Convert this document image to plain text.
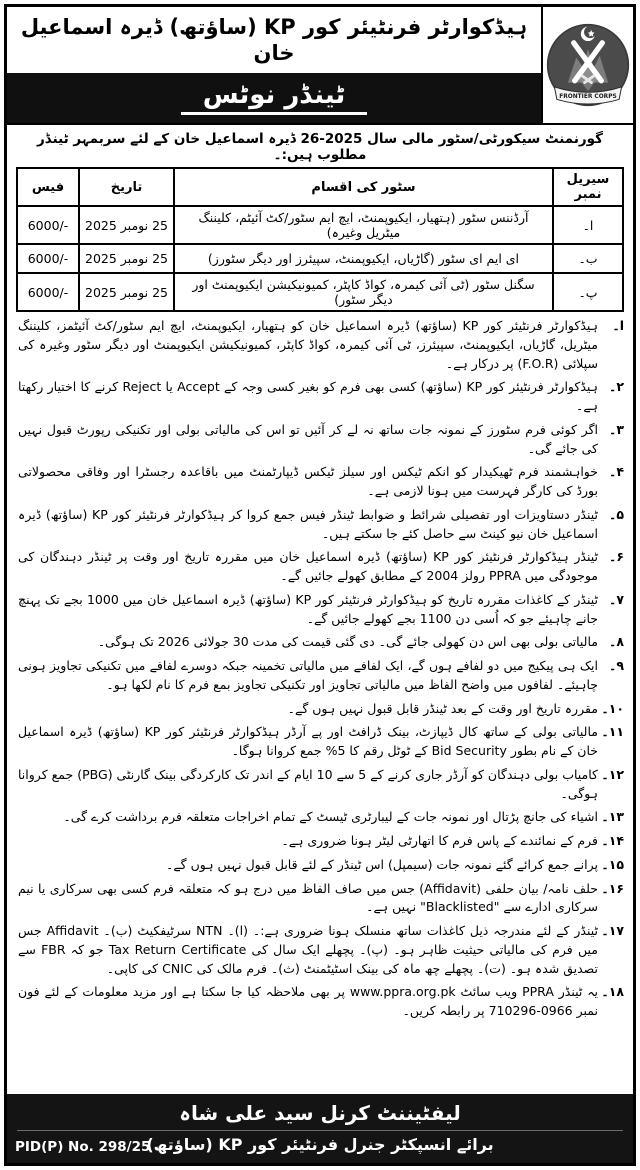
ہیڈکوارٹر فرنٹیئر کور KP (ساؤتھ) ڈیرہ اسماعیل خان
ٹینڈر نوٹس	FRONTIER CORPS
گورنمنٹ سیکورٹی/سٹور مالی سال 2025-26 ڈیرہ اسماعیل خان کے لئے سربمہر ٹینڈر مطلوب ہیں:۔
سیریل نمبر	سٹور کی اقسام	تاریخ	فیس
ا۔	آرڈننس سٹور (ہتھیار، ایکیوپمنٹ، ایچ ایم سٹور/کٹ آئیٹم، کلیننگ میٹریل وغیرہ)	25 نومبر 2025	6000/-
ب۔	ای ایم ای سٹور (گاڑیاں، ایکیوپمنٹ، سپیئرز اور دیگر سٹورز)	25 نومبر 2025	6000/-
پ۔	سگنل سٹور (ٹی آئی کیمرہ، کواڈ کاپٹر، کمیونیکیشن ایکیوپمنٹ اور دیگر سٹور)	25 نومبر 2025	6000/-
ا۔
ہیڈکوارٹر فرنٹیئر کور KP (ساؤتھ) ڈیرہ اسماعیل خان کو ہتھیار، ایکیوپمنٹ، ایچ ایم سٹور/کٹ آئیٹمز، کلیننگ میٹریل، گاڑیاں، ایکیوپمنٹ، سپیئرز، ٹی آئی کیمرہ، کواڈ کاپٹر، کمیونیکیشن ایکیوپمنٹ اور دیگر سٹور وغیرہ کی سپلائی (F.O.R) پر درکار ہے۔
۲۔
ہیڈکوارٹر فرنٹیئر کور KP (ساؤتھ) کسی بھی فرم کو بغیر کسی وجہ کے Accept یا Reject کرنے کا اختیار رکھتا ہے۔
۳۔
اگر کوئی فرم سٹورز کے نمونہ جات ساتھ نہ لے کر آئیں تو اس کی مالیاتی بولی اور تکنیکی رپورٹ قبول نہیں کی جائے گی۔
۴۔
خواہشمند فرم ٹھیکیدار کو انکم ٹیکس اور سیلز ٹیکس ڈیپارٹمنٹ میں باقاعدہ رجسٹرا اور وفاقی محصولاتی بورڈ کی کارگر فہرست میں ہونا لازمی ہے۔
۵۔
ٹینڈر دستاویزات اور تفصیلی شرائط و ضوابط ٹینڈر فیس جمع کروا کر ہیڈکوارٹر فرنٹیئر کور KP (ساؤتھ) ڈیرہ اسماعیل خان نیو کینٹ سے حاصل کئے جا سکتے ہیں۔
۶۔
ٹینڈر ہیڈکوارٹر فرنٹیئر کور KP (ساؤتھ) ڈیرہ اسماعیل خان میں مقررہ تاریخ اور وقت پر ٹینڈر دہندگان کی موجودگی میں PPRA رولز 2004 کے مطابق کھولے جائیں گے۔
۷۔
ٹینڈر کے کاغذات مقررہ تاریخ کو ہیڈکوارٹر فرنٹیئر کور KP (ساؤتھ) ڈیرہ اسماعیل خان میں 1000 بجے تک پہنچ جانے چاہیئے جو کہ اُسی دن 1100 بجے کھولے جائیں گے۔
۸۔
مالیاتی بولی بھی اس دن کھولی جائے گی۔ دی گئی قیمت کی مدت 30 جولائی 2026 تک ہوگی۔
۹۔
ایک ہی پیکیج میں دو لفافے ہوں گے، ایک لفافے میں مالیاتی تخمینہ جبکہ دوسرے لفافے میں تکنیکی تجاویز ہونی چاہیئے۔ لفافوں میں واضح الفاظ میں مالیاتی تجاویز اور تکنیکی تجاویز بمع فرم کا نام لکھا ہو۔
۱۰۔
مقررہ تاریخ اور وقت کے بعد ٹینڈر قابل قبول نہیں ہوں گے۔
۱۱۔
مالیاتی بولی کے ساتھ کال ڈیپازٹ، بینک ڈرافٹ اور پے آرڈر ہیڈکوارٹر فرنٹیئر کور KP (ساؤتھ) ڈیرہ اسماعیل خان کے نام بطور Bid Security کے ٹوٹل رقم کا 5% جمع کروانا ہوگا۔
۱۲۔
کامیاب بولی دہندگان کو آرڈر جاری کرنے کے 5 سے 10 ایام کے اندر تک کارکردگی بینک گارنٹی (PBG) جمع کروانا ہوگی۔
۱۳۔
اشیاء کی جانچ پڑتال اور نمونہ جات کے لیبارٹری ٹیسٹ کے تمام اخراجات متعلقہ فرم برداشت کرے گی۔
۱۴۔
فرم کے نمائندے کے پاس فرم کا اتھارٹی لیٹر ہونا ضروری ہے۔
۱۵۔
پرانے جمع کرائے گئے نمونہ جات (سیمپل) اس ٹینڈر کے لئے قابل قبول نہیں ہوں گے۔
۱۶۔
حلف نامہ/ بیان حلفی (Affidavit) جس میں صاف الفاظ میں درج ہو کہ متعلقہ فرم کسی بھی سرکاری یا نیم سرکاری ادارے سے "Blacklisted" نہیں ہے۔
۱۷۔
ٹینڈر کے لئے مندرجہ ذیل کاغذات ساتھ منسلک ہونا ضروری ہے:۔ (ا)۔ NTN سرٹیفکیٹ (ب)۔ Affidavit جس میں فرم کی مالیاتی حیثیت ظاہر ہو۔ (پ)۔ پچھلے ایک سال کی Tax Return Certificate جو کہ FBR سے تصدیق شدہ ہو۔ (ت)۔ پچھلے چھ ماہ کی بینک اسٹیٹمنٹ (ث)۔ فرم مالک کی CNIC کی کاپی۔
۱۸۔
یہ ٹینڈر PPRA ویب سائٹ www.ppra.org.pk پر بھی ملاحظہ کیا جا سکتا ہے اور مزید معلومات کے لئے فون نمبر 0966-710296 پر رابطہ کریں۔
لیفٹیننٹ کرنل سید علی شاہ
برائے انسپکٹر جنرل فرنٹیئر کور KP (ساؤتھ)
PID(P) No. 298/25
